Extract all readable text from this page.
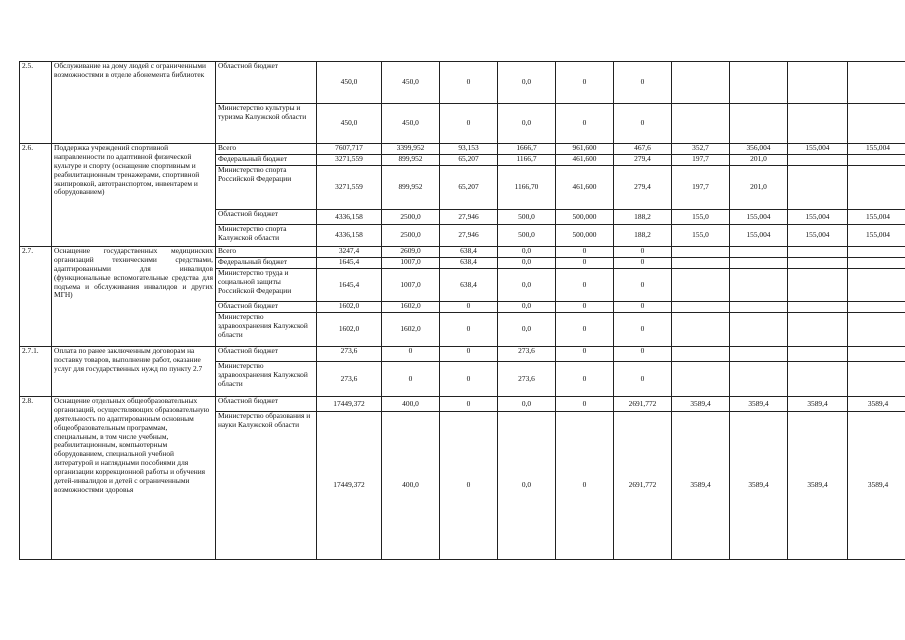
2.5.	Обслуживание на дому людей с ограниченными возможностями в отделе абонемента библиотек	Областной бюджет	450,0	450,0	0	0,0	0	0				
		Министерство культуры и туризма Калужской области	450,0	450,0	0	0,0	0	0				
2.6.	Поддержка учреждений спортивной направленности по адаптивной физической культуре и спорту (оснащение спортивным и реабилитационным тренажерами, спортивной экипировкой, автотранспортом, инвентарем и оборудованием)	Всего	7607,717	3399,952	93,153	1666,7	961,600	467,6	352,7	356,004	155,004	155,004
		Федеральный бюджет	3271,559	899,952	65,207	1166,7	461,600	279,4	197,7	201,0		
		Министерство спорта Российской Федерации	3271,559	899,952	65,207	1166,70	461,600	279,4	197,7	201,0		
		Областной бюджет	4336,158	2500,0	27,946	500,0	500,000	188,2	155,0	155,004	155,004	155,004
		Министерство спорта Калужской области	4336,158	2500,0	27,946	500,0	500,000	188,2	155,0	155,004	155,004	155,004
2.7.	Оснащение государственных медицинских организаций техническими средствами, адаптированными для инвалидов (функциональные вспомогательные средства для подъема и обслуживания инвалидов и других МГН)	Всего	3247,4	2609,0	638,4	0,0	0	0				
		Федеральный бюджет	1645,4	1007,0	638,4	0,0	0	0				
		Министерство труда и социальной защиты Российской Федерации	1645,4	1007,0	638,4	0,0	0	0				
		Областной бюджет	1602,0	1602,0	0	0,0	0	0				
		Министерство здравоохранения Калужской области	1602,0	1602,0	0	0,0	0	0				
2.7.1.	Оплата по ранее заключенным договорам на поставку товаров, выполнение работ, оказание услуг для государственных нужд по пункту 2.7	Областной бюджет	273,6	0	0	273,6	0	0				
		Министерство здравоохранения Калужской области	273,6	0	0	273,6	0	0				
2.8.	Оснащение отдельных общеобразовательных организаций, осуществляющих образовательную деятельность по адаптированным основным общеобразовательным программам, специальным, в том числе учебным, реабилитационным, компьютерным оборудованием, специальной учебной литературой и наглядными пособиями для организации коррекционной работы и обучения детей-инвалидов и детей с ограниченными возможностями здоровья	Областной бюджет	17449,372	400,0	0	0,0	0	2691,772	3589,4	3589,4	3589,4	3589,4
		Министерство образования и науки Калужской области	17449,372	400,0	0	0,0	0	2691,772	3589,4	3589,4	3589,4	3589,4
